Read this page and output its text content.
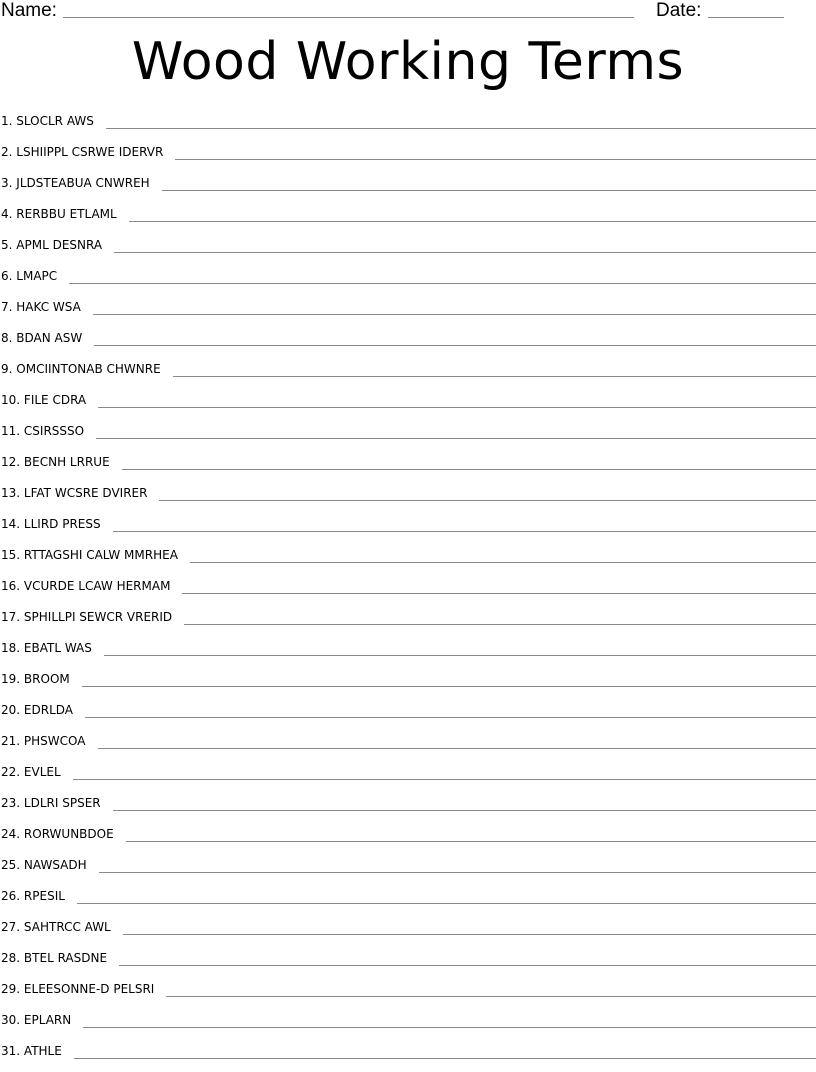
Name:	Date:
Wood Working Terms
1. SLOCLR AWS
2. LSHIIPPL CSRWE IDERVR
3. JLDSTEABUA CNWREH
4. RERBBU ETLAML
5. APML DESNRA
6. LMAPC
7. HAKC WSA
8. BDAN ASW
9. OMCIINTONAB CHWNRE
10. FILE CDRA
11. CSIRSSSO
12. BECNH LRRUE
13. LFAT WCSRE DVIRER
14. LLIRD PRESS
15. RTTAGSHI CALW MMRHEA
16. VCURDE LCAW HERMAM
17. SPHILLPI SEWCR VRERID
18. EBATL WAS
19. BROOM
20. EDRLDA
21. PHSWCOA
22. EVLEL
23. LDLRI SPSER
24. RORWUNBDOE
25. NAWSADH
26. RPESIL
27. SAHTRCC AWL
28. BTEL RASDNE
29. ELEESONNE-D PELSRI
30. EPLARN
31. ATHLE
